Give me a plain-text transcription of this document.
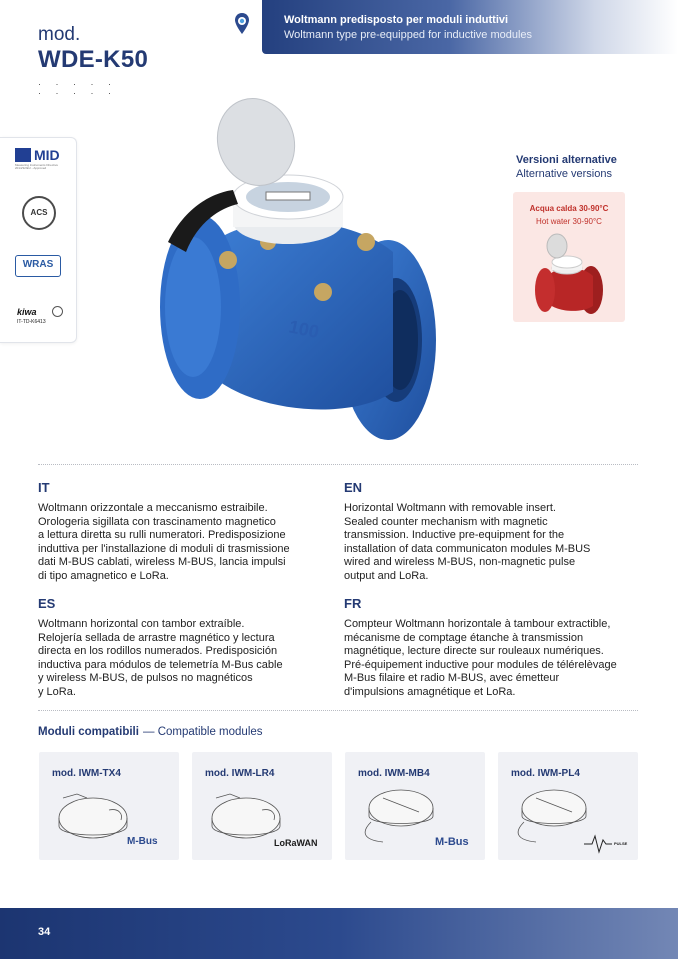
mod.
WDE-K50
· · · · ·
· · · · ·
Woltmann predisposto per moduli induttivi
Woltmann type pre-equipped for inductive modules
MID
Measuring Instruments Directive 2014/32/EU - Approved
ACS
WRAS
kiwa
IT-TD-K6413	100
Versioni alternative
Alternative versions
Acqua calda 30-90°C
Hot water 30-90°C
IT
Woltmann orizzontale a meccanismo estraibile.
Orologeria sigillata con trascinamento magnetico
a lettura diretta su rulli numeratori. Predisposizione
induttiva per l'installazione di moduli di trasmissione
dati M-BUS cablati, wireless M-BUS, lancia impulsi
di tipo amagnetico e LoRa.
EN
Horizontal Woltmann with removable insert.
Sealed counter mechanism with magnetic
transmission. Inductive pre-equipment for the
installation of data communicaton modules M-BUS
wired and wireless M-BUS, non-magnetic pulse
output and LoRa.
ES
Woltmann horizontal con tambor extraíble.
Relojería sellada de arrastre magnético y lectura
directa en los rodillos numerados. Predisposición
inductiva para módulos de telemetría M-Bus cable
y wireless M-BUS, de pulsos no magnéticos
y LoRa.
FR
Compteur Woltmann horizontale à tambour extractible,
mécanisme de comptage étanche à transmission
magnétique, lecture directe sur rouleaux numériques.
Pré-équipement inductive pour modules de télérelèvage
M-Bus filaire et radio M-BUS, avec émetteur
d'impulsions amagnétique et LoRa.
Moduli compatibili — Compatible modules
mod. IWM-TX4
M-Bus
mod. IWM-LR4
LoRaWAN
mod. IWM-MB4
M-Bus
mod. IWM-PL4
PULSE
34
